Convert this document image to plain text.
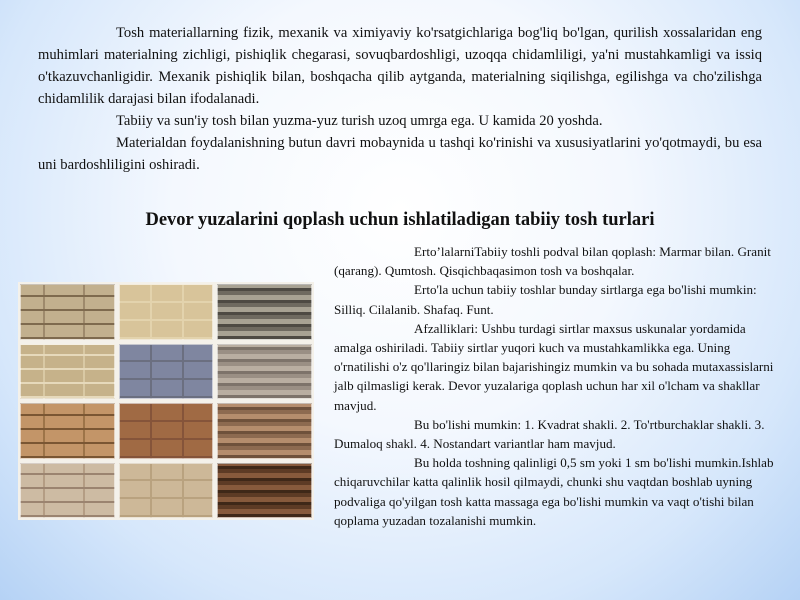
Tosh materiallarning fizik, mexanik va ximiyaviy ko'rsatgichlariga bog'liq bo'lgan, qurilish xossalaridan eng muhimlari materialning zichligi, pishiqlik chegarasi, sovuqbardoshligi, uzoqqa chidamliligi, ya'ni mustahkamligi va issiq o'tkazuvchanligidir. Mexanik pishiqlik bilan, boshqacha qilib aytganda, materialning siqilishga, egilishga va cho'zilishga chidamlilik darajasi bilan ifodalanadi.

Tabiiy va sun'iy tosh bilan yuzma-yuz turish uzoq umrga ega. U kamida 20 yoshda.

Materialdan foydalanishning butun davri mobaynida u tashqi ko'rinishi va xususiyatlarini yo'qotmaydi, bu esa uni bardoshliligini oshiradi.

Devor yuzalarini qoplash uchun ishlatiladigan tabiiy tosh turlari

Erto’lalarniTabiiy toshli podval bilan qoplash: Marmar bilan. Granit (qarang). Qumtosh. Qisqichbaqasimon tosh va boshqalar.

Erto'la uchun tabiiy toshlar bunday sirtlarga ega bo'lishi mumkin: Silliq. Cilalanib. Shafaq. Funt.

Afzalliklari: Ushbu turdagi sirtlar maxsus uskunalar yordamida amalga oshiriladi. Tabiiy sirtlar yuqori kuch va mustahkamlikka ega. Uning o'rnatilishi o'z qo'llaringiz bilan bajarishingiz mumkin va bu sohada mutaxassislarni jalb qilmasligi kerak. Devor yuzalariga qoplash uchun har xil o'lcham va shakllar mavjud.

Bu bo'lishi mumkin: 1. Kvadrat shakli. 2. To'rtburchaklar shakli. 3. Dumaloq shakl. 4. Nostandart variantlar ham mavjud.

Bu holda toshning qalinligi 0,5 sm yoki 1 sm bo'lishi mumkin.Ishlab chiqaruvchilar katta qalinlik hosil qilmaydi, chunki shu vaqtdan boshlab uyning podvaliga qo'yilgan tosh katta massaga ega bo'lishi mumkin va vaqt o'tishi bilan qoplama yuzadan tozalanishi mumkin.
